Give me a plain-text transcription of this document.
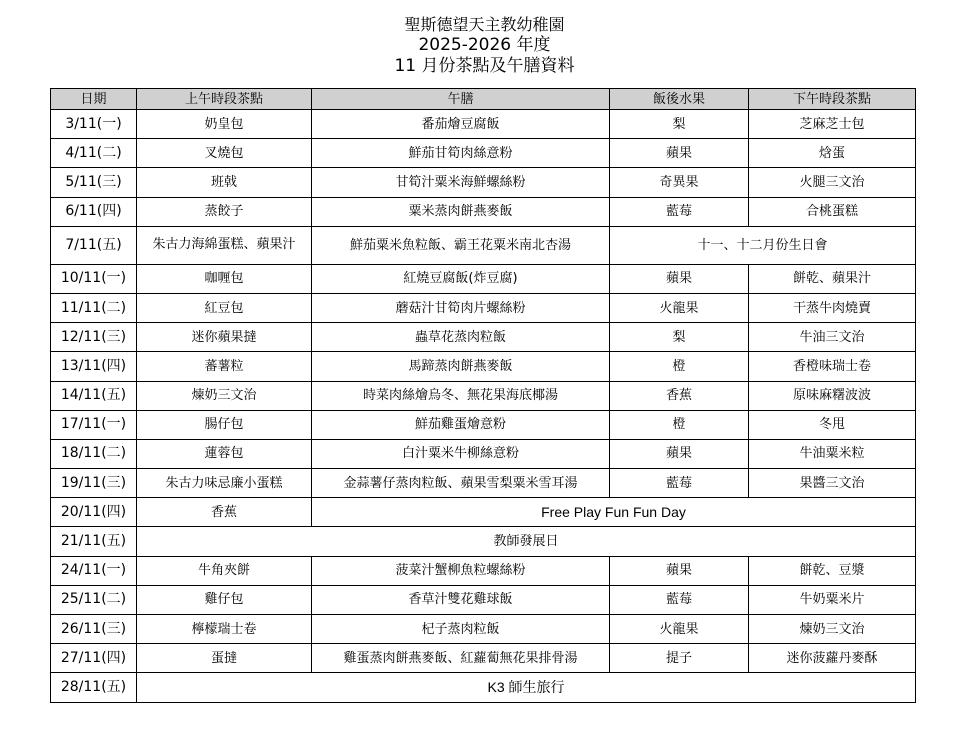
聖斯德望天主教幼稚園
2025-2026 年度
11 月份茶點及午膳資料
日期	上午時段茶點	午膳	飯後水果	下午時段茶點
3/11(一)	奶皇包	番茄燴豆腐飯	梨	芝麻芝士包
4/11(二)	叉燒包	鮮茄甘筍肉絲意粉	蘋果	焓蛋
5/11(三)	班戟	甘筍汁粟米海鮮螺絲粉	奇異果	火腿三文治
6/11(四)	蒸餃子	粟米蒸肉餅燕麥飯	藍莓	合桃蛋糕
7/11(五)	朱古力海綿蛋糕、蘋果汁	鮮茄粟米魚粒飯、霸王花粟米南北杏湯	十一、十二月份生日會	
10/11(一)	咖喱包	紅燒豆腐飯(炸豆腐)	蘋果	餅乾、蘋果汁
11/11(二)	紅豆包	蘑菇汁甘筍肉片螺絲粉	火龍果	干蒸牛肉燒賣
12/11(三)	迷你蘋果撻	蟲草花蒸肉粒飯	梨	牛油三文治
13/11(四)	蕃薯粒	馬蹄蒸肉餅燕麥飯	橙	香橙味瑞士卷
14/11(五)	煉奶三文治	時菜肉絲燴烏冬、無花果海底椰湯	香蕉	原味麻糬波波
17/11(一)	腸仔包	鮮茄雞蛋燴意粉	橙	冬甩
18/11(二)	蓮蓉包	白汁粟米牛柳絲意粉	蘋果	牛油粟米粒
19/11(三)	朱古力味忌廉小蛋糕	金蒜薯仔蒸肉粒飯、蘋果雪梨粟米雪耳湯	藍莓	果醬三文治
20/11(四)	香蕉	Free Play Fun Fun Day		
21/11(五)	教師發展日			
24/11(一)	牛角夾餅	菠菜汁蟹柳魚粒螺絲粉	蘋果	餅乾、豆漿
25/11(二)	雞仔包	香草汁雙花雞球飯	藍莓	牛奶粟米片
26/11(三)	檸檬瑞士卷	杞子蒸肉粒飯	火龍果	煉奶三文治
27/11(四)	蛋撻	雞蛋蒸肉餅燕麥飯、紅蘿蔔無花果排骨湯	提子	迷你菠蘿丹麥酥
28/11(五)	K3 師生旅行			
